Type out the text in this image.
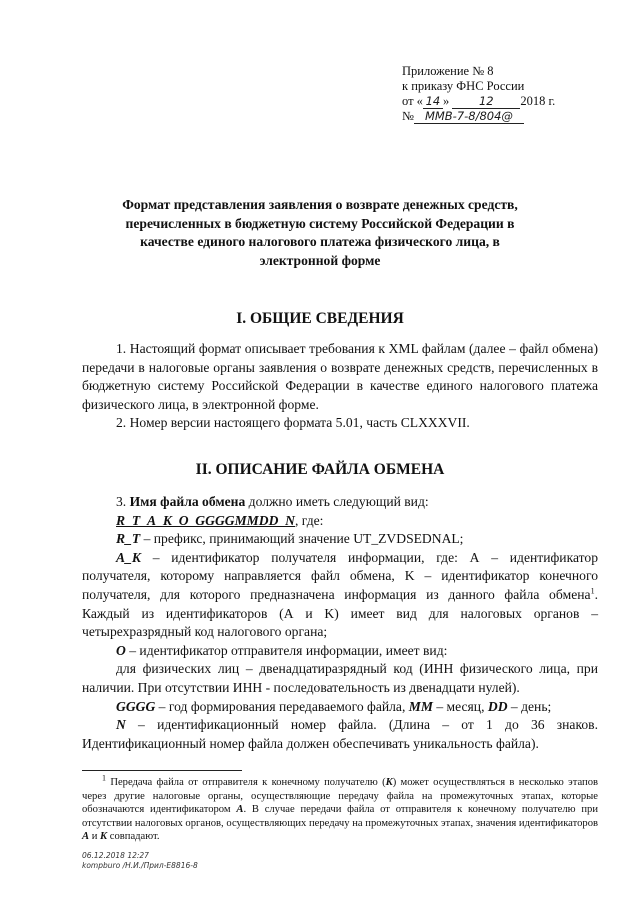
Приложение № 8
к приказу ФНС России
от « 14 »	12 2018 г.
№ ММВ-7-8/804@
Формат представления заявления о возврате денежных средств,
перечисленных в бюджетную систему Российской Федерации в
качестве единого налогового платежа физического лица, в
электронной форме
I. ОБЩИЕ СВЕДЕНИЯ

1. Настоящий формат описывает требования к XML файлам (далее – файл обмена) передачи в налоговые органы заявления о возврате денежных средств, перечисленных в бюджетную систему Российской Федерации в качестве единого налогового платежа физического лица, в электронной форме.

2. Номер версии настоящего формата 5.01, часть CLXXXVII.

II. ОПИСАНИЕ ФАЙЛА ОБМЕНА

3. Имя файла обмена должно иметь следующий вид:

R_T_A_K_O_GGGGMMDD_N, где:

R_T – префикс, принимающий значение UT_ZVDSEDNAL;

A_K – идентификатор получателя информации, где: А – идентификатор получателя, которому направляется файл обмена, K – идентификатор конечного получателя, для которого предназначена информация из данного файла обмена$^1$. Каждый из идентификаторов (А и K) имеет вид для налоговых органов – четырехразрядный код налогового органа;

O – идентификатор отправителя информации, имеет вид:

для физических лиц – двенадцатиразрядный код (ИНН физического лица, при наличии. При отсутствии ИНН - последовательность из двенадцати нулей).

GGGG – год формирования передаваемого файла, MM – месяц, DD – день;

N – идентификационный номер файла. (Длина – от 1 до 36 знаков. Идентификационный номер файла должен обеспечивать уникальность файла).

$^1$ Передача файла от отправителя к конечному получателю (K) может осуществляться в несколько этапов через другие налоговые органы, осуществляющие передачу файла на промежуточных этапах, которые обозначаются идентификатором А. В случае передачи файла от отправителя к конечному получателю при отсутствии налоговых органов, осуществляющих передачу на промежуточных этапах, значения идентификаторов А и K совпадают.

06.12.2018 12:27
kompburo /Н.И./Прил-Е8816-8
